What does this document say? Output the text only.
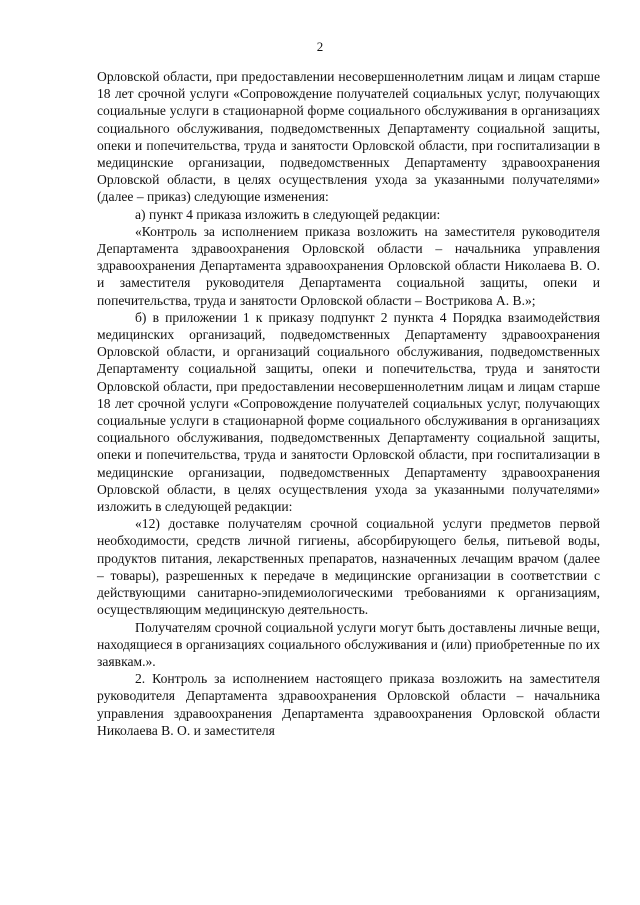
2

Орловской области, при предоставлении несовершеннолетним лицам и лицам старше 18 лет срочной услуги «Сопровождение получателей социальных услуг, получающих социальные услуги в стационарной форме социального обслуживания в организациях социального обслуживания, подведомственных Департаменту социальной защиты, опеки и попечительства, труда и занятости Орловской области, при госпитализации в медицинские организации, подведомственных Департаменту здравоохранения Орловской области, в целях осуществления ухода за указанными получателями» (далее – приказ) следующие изменения:

а) пункт 4 приказа изложить в следующей редакции:

«Контроль за исполнением приказа возложить на заместителя руководителя Департамента здравоохранения Орловской области – начальника управления здравоохранения Департамента здравоохранения Орловской области Николаева В. О. и заместителя руководителя Департамента социальной защиты, опеки и попечительства, труда и занятости Орловской области – Вострикова А. В.»;

б) в приложении 1 к приказу подпункт 2 пункта 4 Порядка взаимодействия медицинских организаций, подведомственных Департаменту здравоохранения Орловской области, и организаций социального обслуживания, подведомственных Департаменту социальной защиты, опеки и попечительства, труда и занятости Орловской области, при предоставлении несовершеннолетним лицам и лицам старше 18 лет срочной услуги «Сопровождение получателей социальных услуг, получающих социальные услуги в стационарной форме социального обслуживания в организациях социального обслуживания, подведомственных Департаменту социальной защиты, опеки и попечительства, труда и занятости Орловской области, при госпитализации в медицинские организации, подведомственных Департаменту здравоохранения Орловской области, в целях осуществления ухода за указанными получателями» изложить в следующей редакции:

«12) доставке получателям срочной социальной услуги предметов первой необходимости, средств личной гигиены, абсорбирующего белья, питьевой воды, продуктов питания, лекарственных препаратов, назначенных лечащим врачом (далее – товары), разрешенных к передаче в медицинские организации в соответствии с действующими санитарно-эпидемиологическими требованиями к организациям, осуществляющим медицинскую деятельность.

Получателям срочной социальной услуги могут быть доставлены личные вещи, находящиеся в организациях социального обслуживания и (или) приобретенные по их заявкам.».

2. Контроль за исполнением настоящего приказа возложить на заместителя руководителя Департамента здравоохранения Орловской области – начальника управления здравоохранения Департамента здравоохранения Орловской области Николаева В. О. и заместителя
